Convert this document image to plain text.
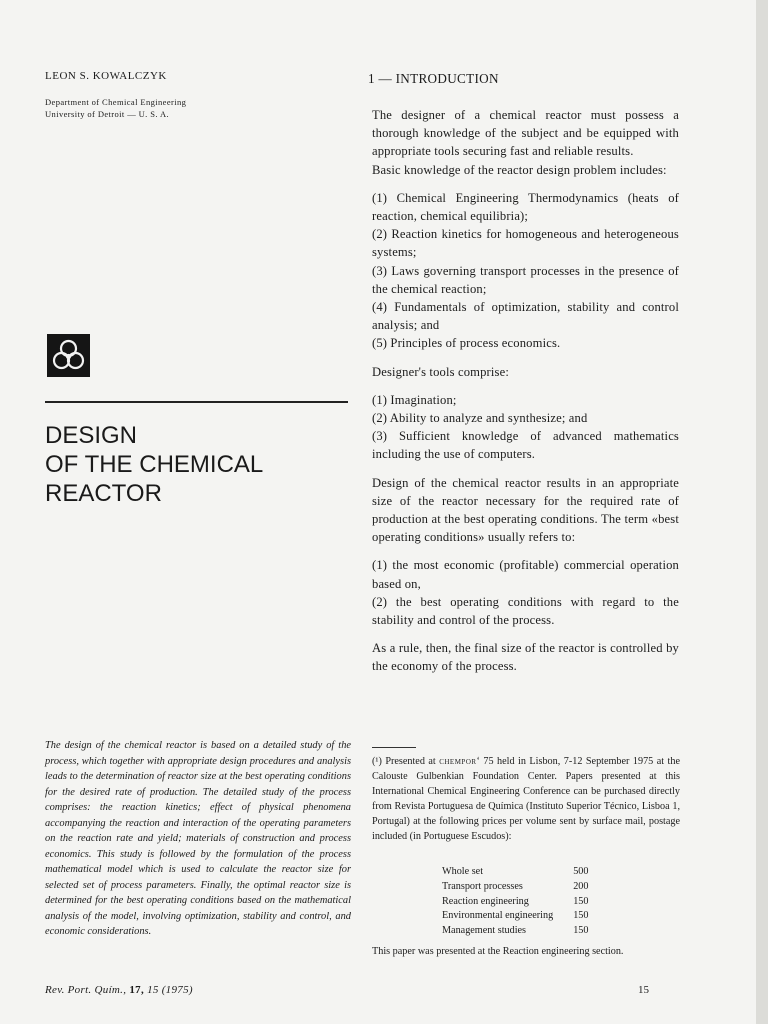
LEON S. KOWALCZYK
Department of Chemical Engineering
University of Detroit — U. S. A.
DESIGN
OF THE CHEMICAL
REACTOR
The design of the chemical reactor is based on a detailed study of the process, which together with appropriate design procedures and analysis leads to the determination of reactor size at the best operating conditions for the desired rate of production. The detailed study of the process comprises: the reaction kinetics; effect of physical phenomena accompanying the reaction and interaction of the operating parameters on the reaction rate and yield; materials of construction and process economics. This study is followed by the formulation of the process mathematical model which is used to calculate the reactor size for selected set of process parameters. Finally, the optimal reactor size is determined for the best operating conditions based on the mathematical analysis of the model, involving optimization, stability and control, and economic considerations.
Rev. Port. Quím., 17, 15 (1975)	15
1 — INTRODUCTION

The designer of a chemical reactor must possess a thorough knowledge of the subject and be equipped with appropriate tools securing fast and reliable results.

Basic knowledge of the reactor design problem includes:

(1) Chemical Engineering Thermodynamics (heats of reaction, chemical equilibria);

(2) Reaction kinetics for homogeneous and heterogeneous systems;

(3) Laws governing transport processes in the presence of the chemical reaction;

(4) Fundamentals of optimization, stability and control analysis; and

(5) Principles of process economics.

Designer's tools comprise:

(1) Imagination;

(2) Ability to analyze and synthesize; and

(3) Sufficient knowledge of advanced mathematics including the use of computers.

Design of the chemical reactor results in an appropriate size of the reactor necessary for the required rate of production at the best operating conditions. The term «best operating conditions» usually refers to:

(1) the most economic (profitable) commercial operation based on,

(2) the best operating conditions with regard to the stability and control of the process.

As a rule, then, the final size of the reactor is controlled by the economy of the process.

(¹) Presented at chempor‘ 75 held in Lisbon, 7-12 September 1975 at the Calouste Gulbenkian Foundation Center. Papers presented at this International Chemical Engineering Conference can be purchased directly from Revista Portuguesa de Química (Instituto Superior Técnico, Lisboa 1, Portugal) at the following prices per volume sent by surface mail, postage included (in Portuguese Escudos):
Whole set	500
Transport processes	200
Reaction engineering	150
Environmental engineering	150
Management studies	150
This paper was presented at the Reaction engineering section.
